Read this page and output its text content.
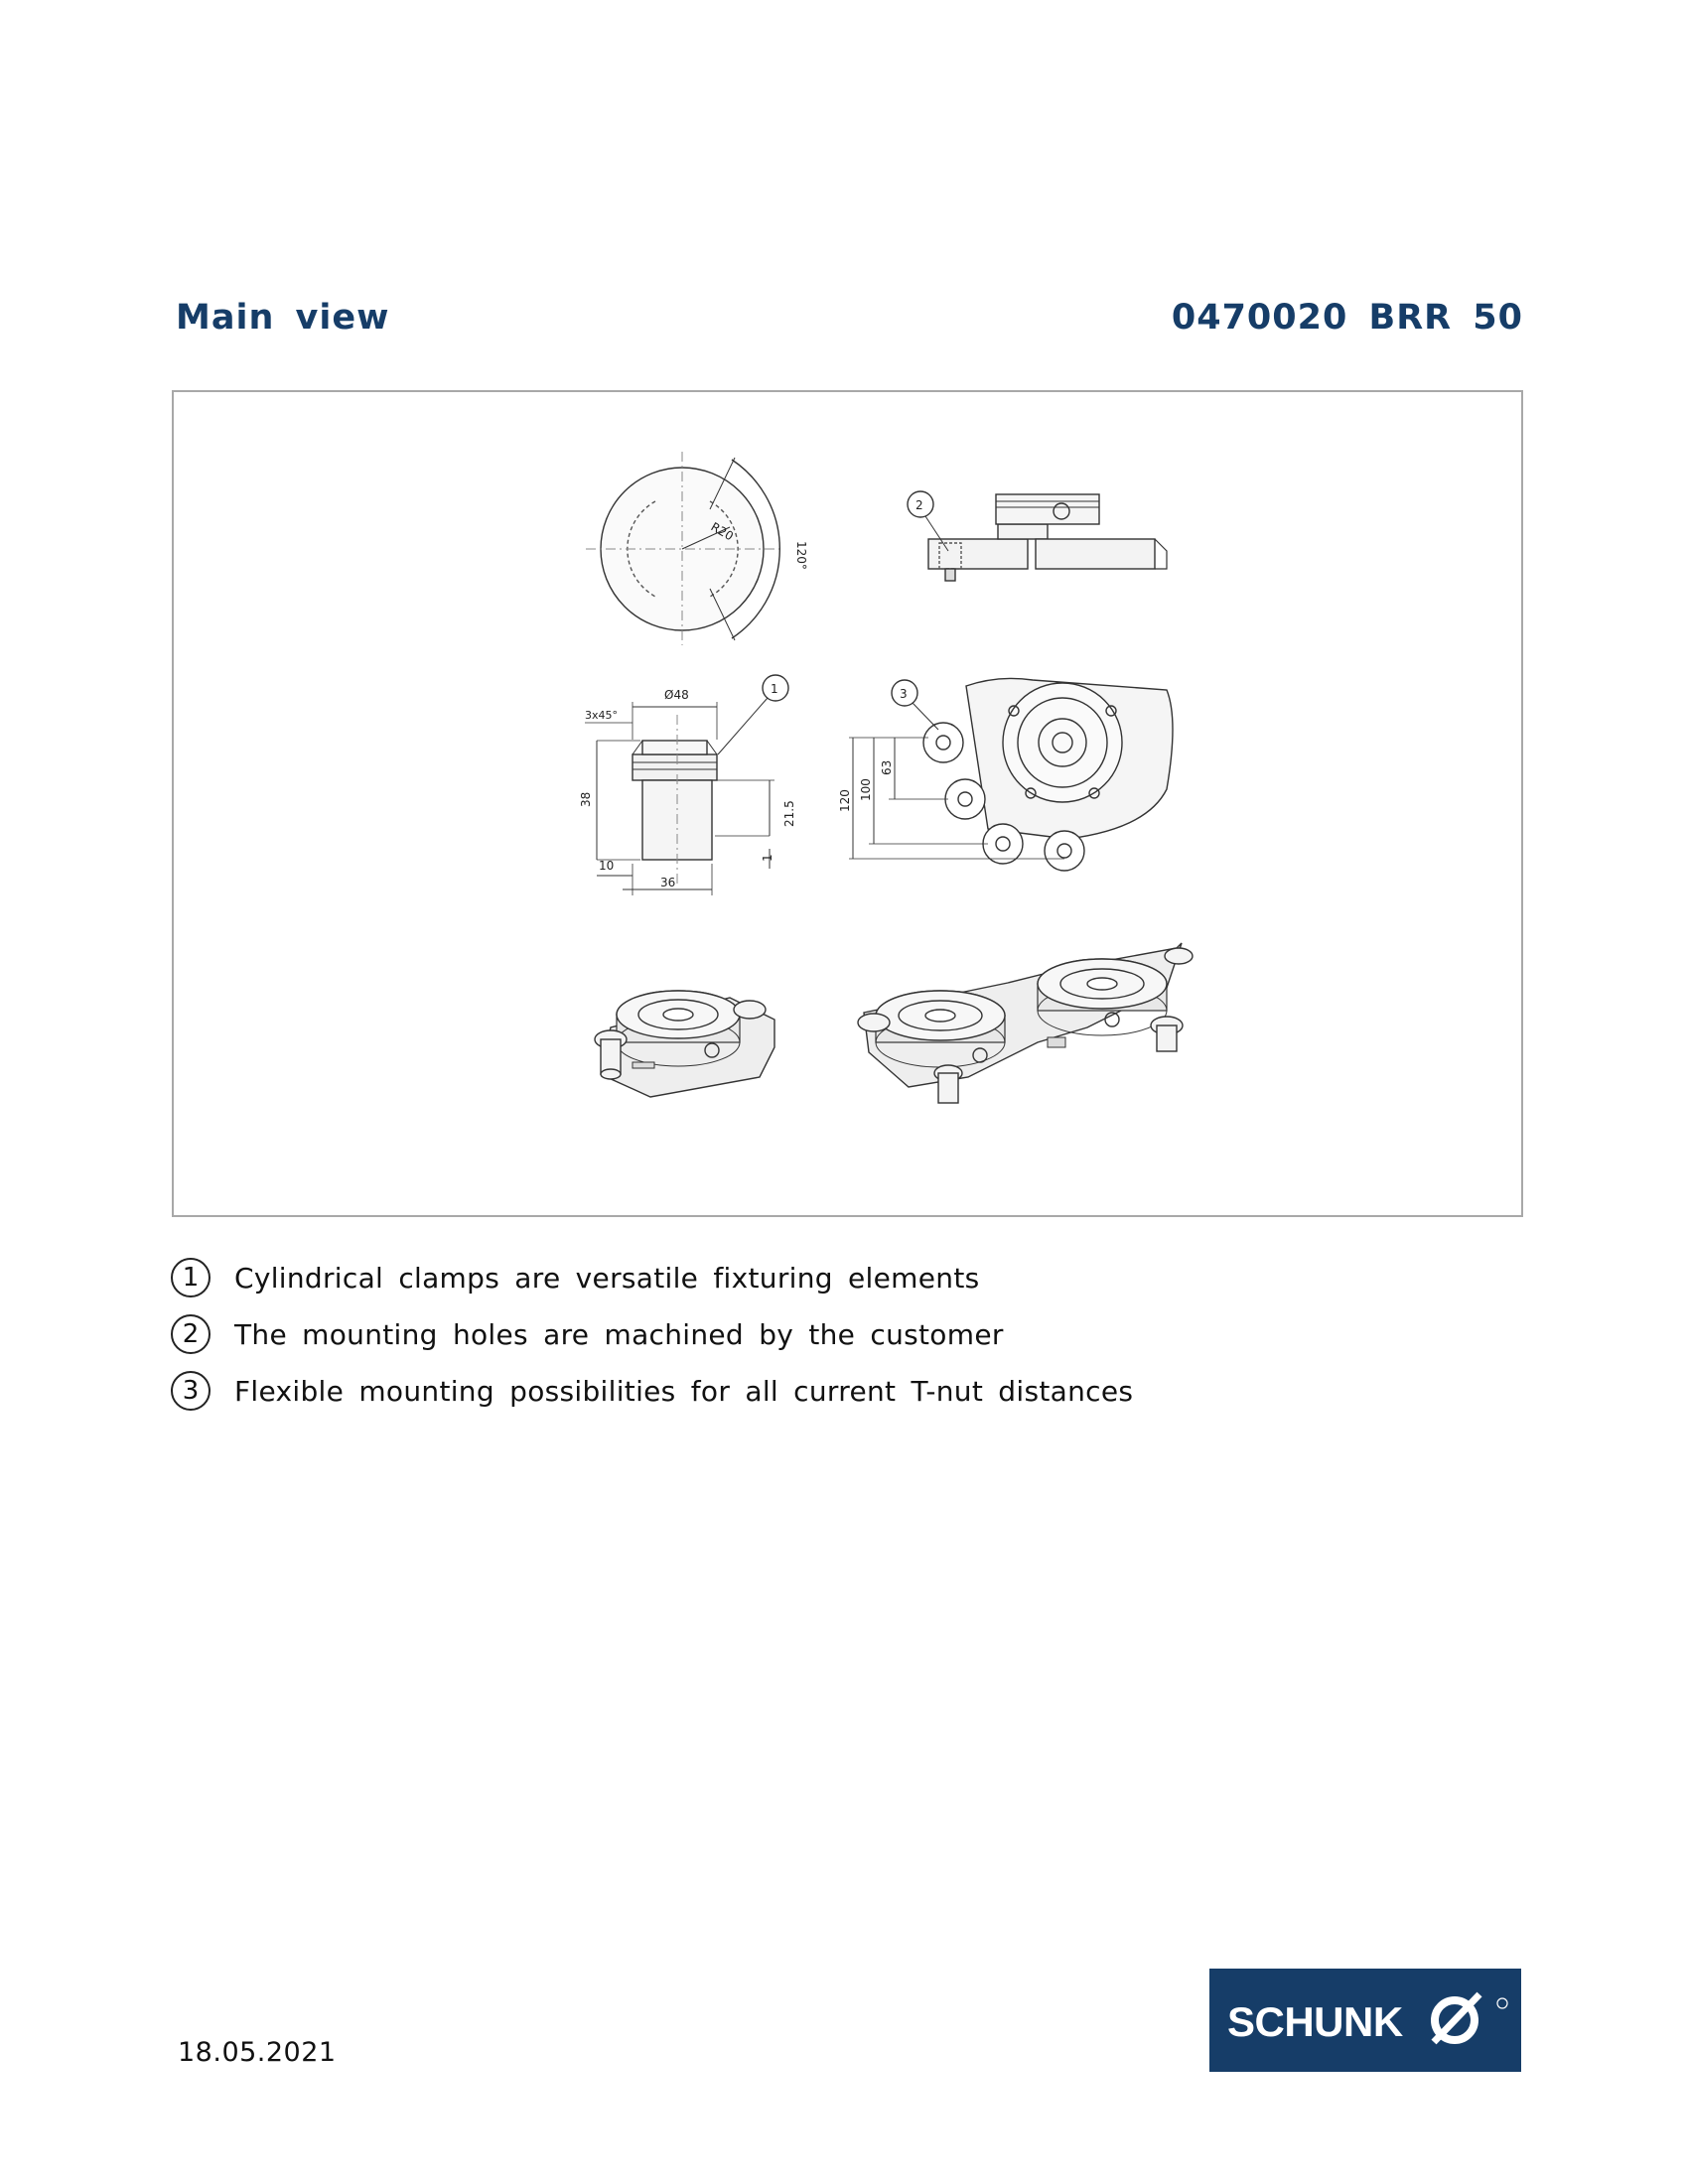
Main view	0470020 BRR 50
R20
120°
2
Ø48
3x45°
38
21.5
1
10
36
1
120 100
63
3
1	Cylindrical clamps are versatile fixturing elements
2	The mounting holes are machined by the customer
3	Flexible mounting possibilities for all current T-nut distances
18.05.2021
SCHUNK
